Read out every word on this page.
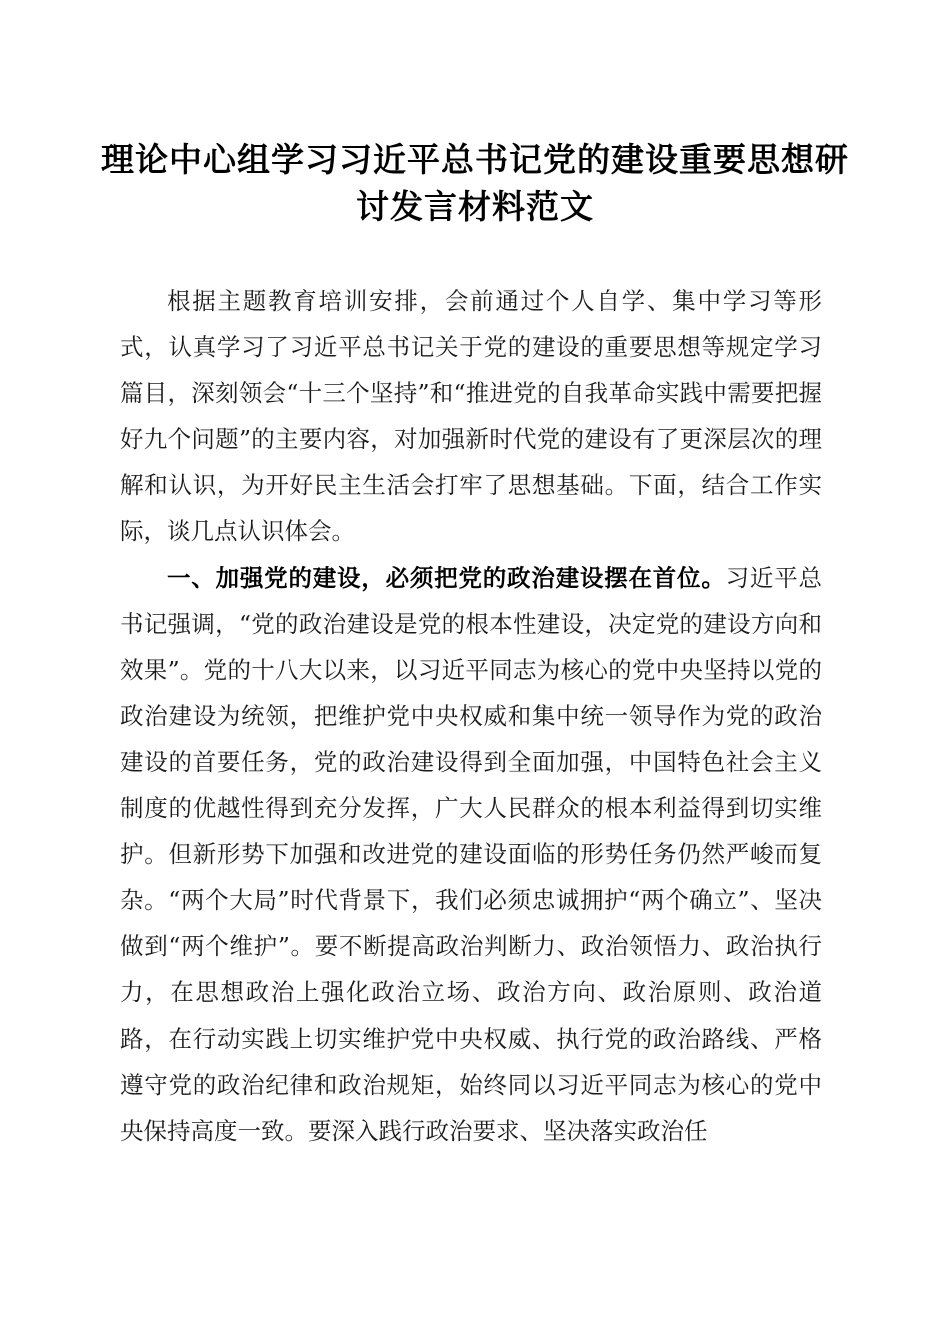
理论中心组学习习近平总书记党的建设重要思想研讨发言材料范文

根据主题教育培训安排，会前通过个人自学、集中学习等形式，认真学习了习近平总书记关于党的建设的重要思想等规定学习篇目，深刻领会“十三个坚持”和“推进党的自我革命实践中需要把握好九个问题”的主要内容，对加强新时代党的建设有了更深层次的理解和认识，为开好民主生活会打牢了思想基础。下面，结合工作实际，谈几点认识体会。

一、加强党的建设，必须把党的政治建设摆在首位。习近平总书记强调，“党的政治建设是党的根本性建设，决定党的建设方向和效果”。党的十八大以来，以习近平同志为核心的党中央坚持以党的政治建设为统领，把维护党中央权威和集中统一领导作为党的政治建设的首要任务，党的政治建设得到全面加强，中国特色社会主义制度的优越性得到充分发挥，广大人民群众的根本利益得到切实维护。但新形势下加强和改进党的建设面临的形势任务仍然严峻而复杂。“两个大局”时代背景下，我们必须忠诚拥护“两个确立”、坚决做到“两个维护”。要不断提高政治判断力、政治领悟力、政治执行力，在思想政治上强化政治立场、政治方向、政治原则、政治道路，在行动实践上切实维护党中央权威、执行党的政治路线、严格遵守党的政治纪律和政治规矩，始终同以习近平同志为核心的党中央保持高度一致。要深入践行政治要求、坚决落实政治任
